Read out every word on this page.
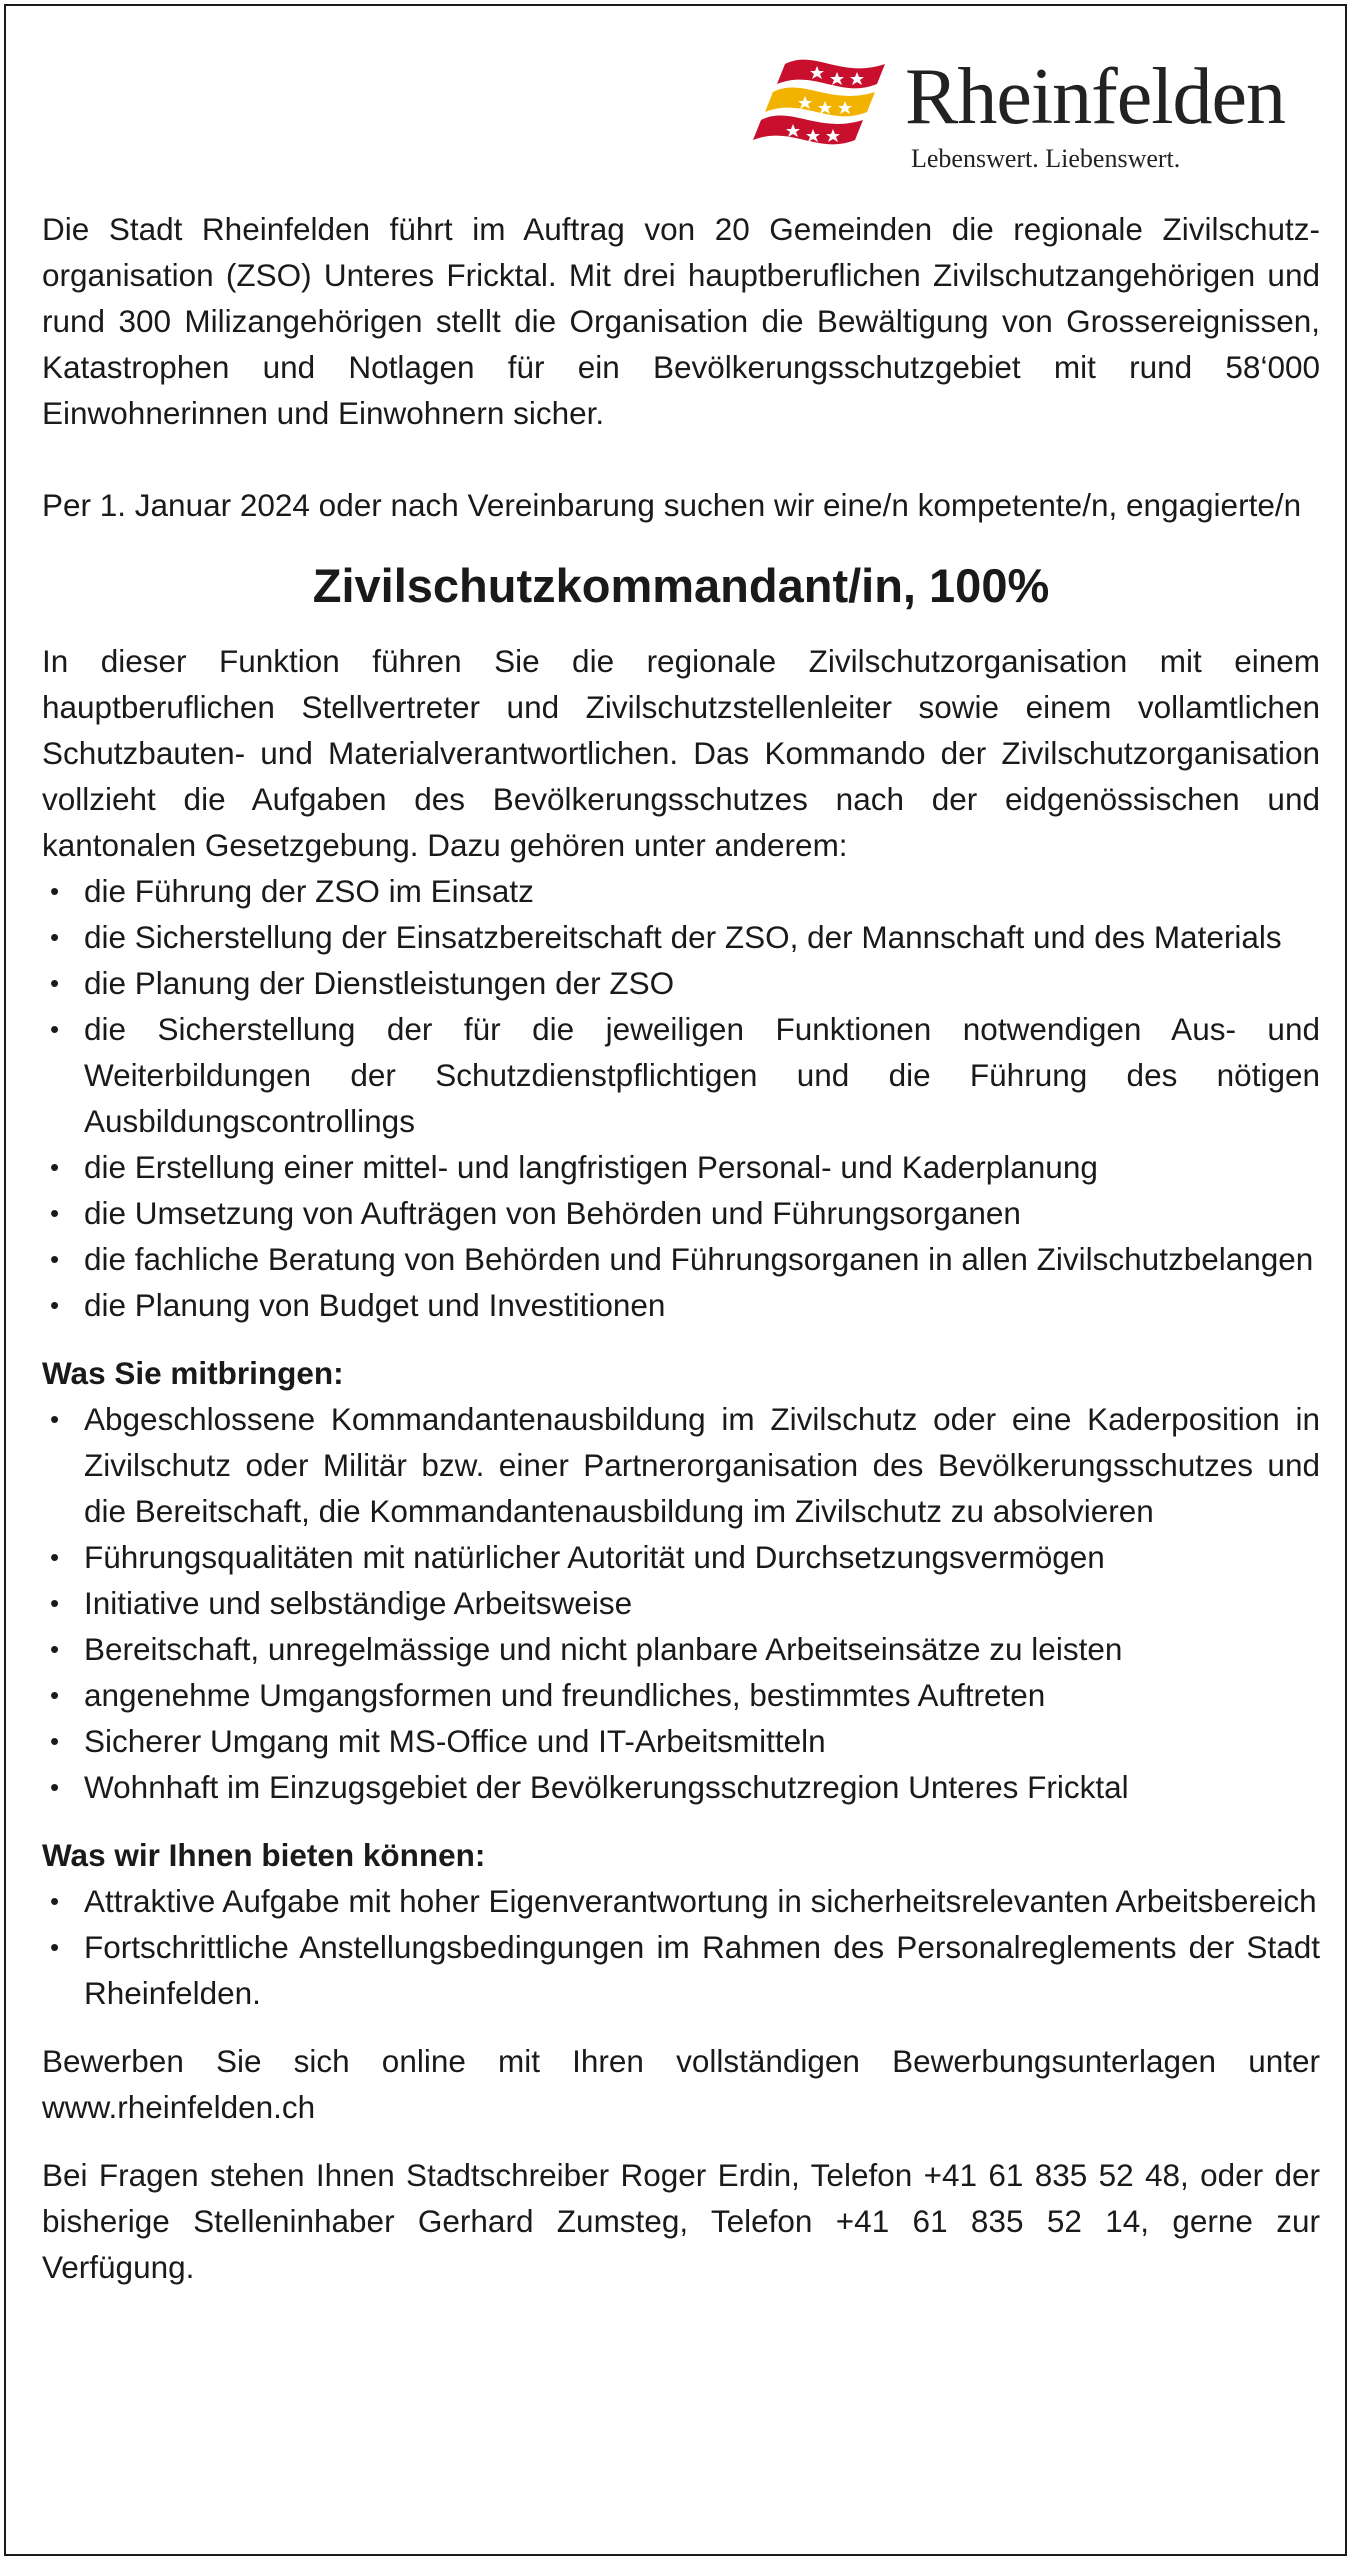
Rheinfelden
Lebenswert. Liebenswert.

Die Stadt Rheinfelden führt im Auftrag von 20 Gemeinden die regionale Zivilschutzorganisation (ZSO) Unteres Fricktal. Mit drei hauptberuflichen Zivilschutzangehörigen und rund 300 Milizangehörigen stellt die Organisation die Bewältigung von Grossereignissen, Katastrophen und Notlagen für ein Bevölkerungsschutzgebiet mit rund 58‘000 Einwohnerinnen und Einwohnern sicher.

Per 1. Januar 2024 oder nach Vereinbarung suchen wir eine/n kompetente/n, engagierte/n

Zivilschutzkommandant/in, 100%

In dieser Funktion führen Sie die regionale Zivilschutzorganisation mit einem hauptberuflichen Stellvertreter und Zivilschutzstellenleiter sowie einem vollamtlichen Schutzbauten- und Materialverantwortlichen. Das Kommando der Zivilschutzorganisation vollzieht die Aufgaben des Bevölkerungsschutzes nach der eidgenössischen und kantonalen Gesetzgebung. Dazu gehören unter anderem:

• die Führung der ZSO im Einsatz
• die Sicherstellung der Einsatzbereitschaft der ZSO, der Mannschaft und des Materials
• die Planung der Dienstleistungen der ZSO
• die Sicherstellung der für die jeweiligen Funktionen notwendigen Aus- und Weiterbildungen der Schutzdienstpflichtigen und die Führung des nötigen Ausbildungscontrollings
• die Erstellung einer mittel- und langfristigen Personal- und Kaderplanung
• die Umsetzung von Aufträgen von Behörden und Führungsorganen
• die fachliche Beratung von Behörden und Führungsorganen in allen Zivilschutzbelangen
• die Planung von Budget und Investitionen
Was Sie mitbringen:
• Abgeschlossene Kommandantenausbildung im Zivilschutz oder eine Kaderposition in Zivilschutz oder Militär bzw. einer Partnerorganisation des Bevölkerungsschutzes und die Bereitschaft, die Kommandantenausbildung im Zivilschutz zu absolvieren
• Führungsqualitäten mit natürlicher Autorität und Durchsetzungsvermögen
• Initiative und selbständige Arbeitsweise
• Bereitschaft, unregelmässige und nicht planbare Arbeitseinsätze zu leisten
• angenehme Umgangsformen und freundliches, bestimmtes Auftreten
• Sicherer Umgang mit MS-Office und IT-Arbeitsmitteln
• Wohnhaft im Einzugsgebiet der Bevölkerungsschutzregion Unteres Fricktal
Was wir Ihnen bieten können:
• Attraktive Aufgabe mit hoher Eigenverantwortung in sicherheitsrelevanten Arbeitsbereich
• Fortschrittliche Anstellungsbedingungen im Rahmen des Personalreglements der Stadt Rheinfelden.

Bewerben Sie sich online mit Ihren vollständigen Bewerbungsunterlagen unter www.rheinfelden.ch

Bei Fragen stehen Ihnen Stadtschreiber Roger Erdin, Telefon +41 61 835 52 48, oder der bisherige Stelleninhaber Gerhard Zumsteg, Telefon +41 61 835 52 14, gerne zur Verfügung.
